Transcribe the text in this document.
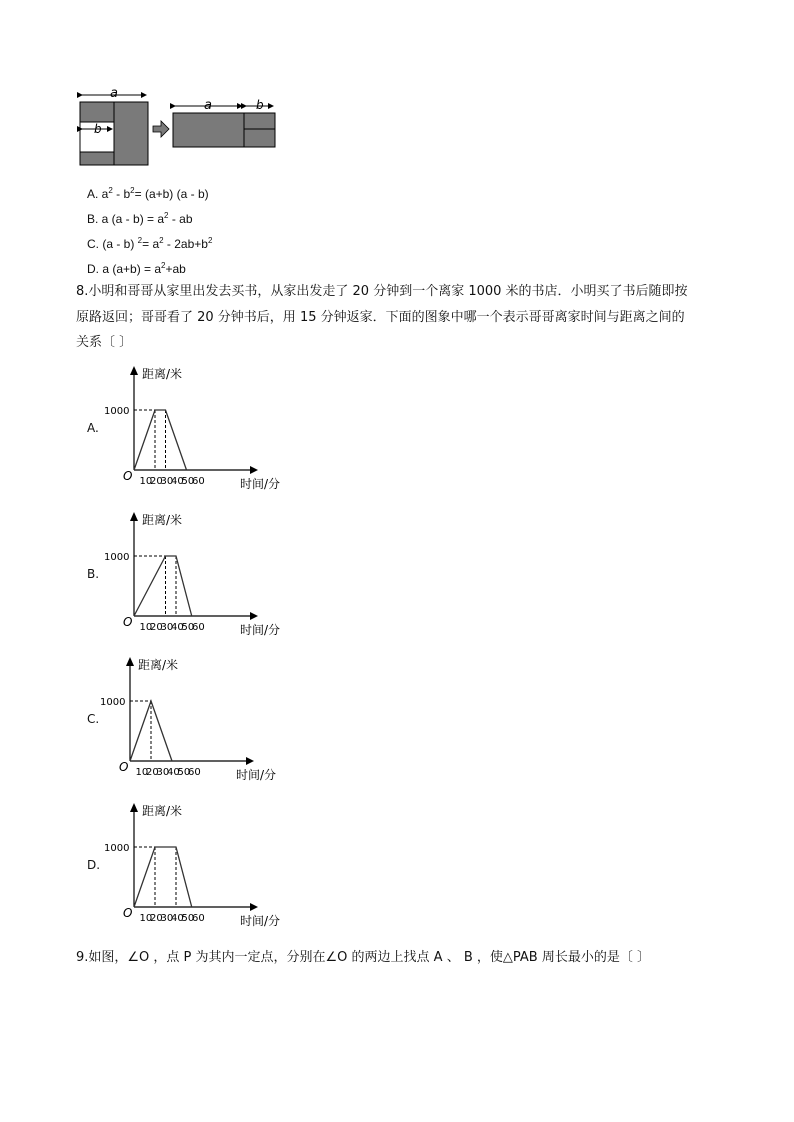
a
b
a	b
A. $a^2 - b^2= (a+b)$ (a - b)
B. a $(a - b) = a^2$ - ab
C. (a - b) $^2= a^2 - 2ab+b^2$
D. a $(a+b) = a^2+ab$
8.小明和哥哥从家里出发去买书，从家出发走了 20 分钟到一个离家 1000 米的书店．小明买了书后随即按
原路返回；哥哥看了 20 分钟书后，用 15 分钟返家．下面的图象中哪一个表示哥哥离家时间与距离之间的
关系〔 〕
A.
B.
C.
D.
距离/米
时间/分
O
1000
10
20
30
40
50
60
距离/米
时间/分
O
1000
10
20
30
40
50
60
距离/米
时间/分
O
1000
10
20
30
40
50
60
距离/米
时间/分
O
1000
10
20
30
40
50
60
9.如图，∠O ，点 P 为其内一定点，分别在∠O 的两边上找点 A 、 B ，使△PAB 周长最小的是〔 〕
